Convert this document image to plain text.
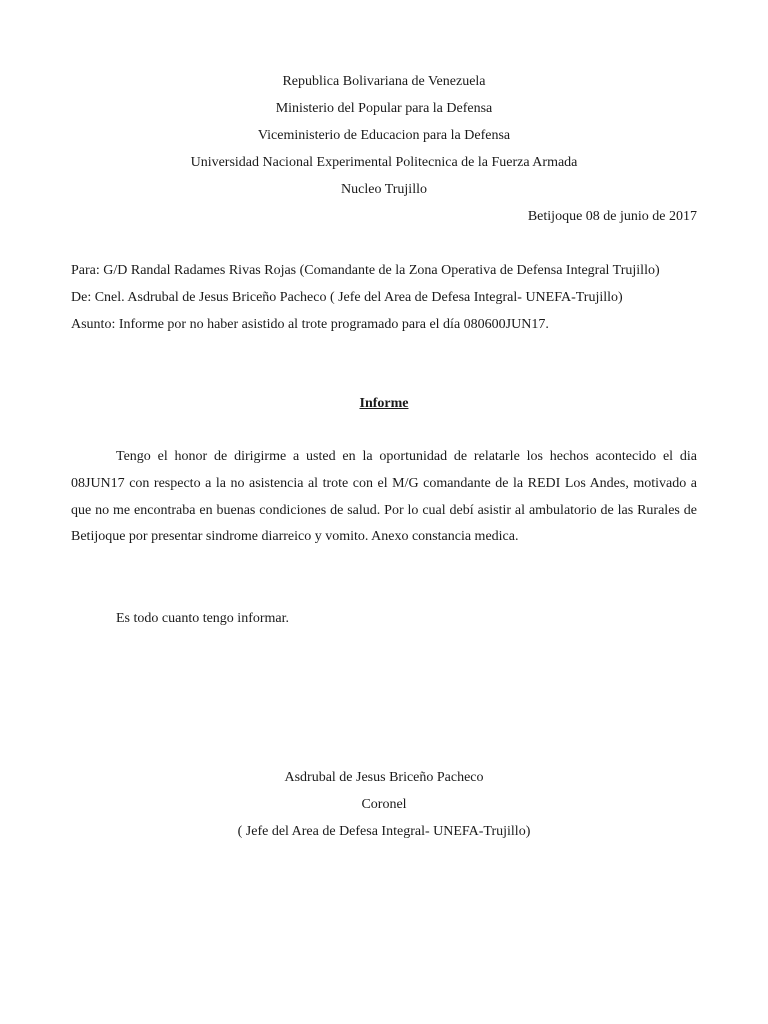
Republica Bolivariana de Venezuela
Ministerio del Popular para la Defensa
Viceministerio de Educacion para la Defensa
Universidad Nacional Experimental Politecnica de la Fuerza Armada
Nucleo Trujillo
Betijoque 08 de junio de 2017
Para: G/D Randal Radames Rivas Rojas (Comandante de la Zona Operativa de Defensa Integral Trujillo)
De: Cnel. Asdrubal de Jesus Briceño Pacheco ( Jefe del Area de Defesa Integral- UNEFA-Trujillo)
Asunto: Informe por no haber asistido al trote programado para el día 080600JUN17.
Informe
Tengo el honor de dirigirme a usted en la oportunidad de relatarle los hechos acontecido el dia 08JUN17 con respecto a la no asistencia al trote con el M/G comandante de la REDI Los Andes, motivado a que no me encontraba en buenas condiciones de salud. Por lo cual debí asistir al ambulatorio de las Rurales de Betijoque por presentar sindrome diarreico y vomito. Anexo constancia medica.
Es todo cuanto tengo informar.
Asdrubal de Jesus Briceño Pacheco
Coronel
( Jefe del Area de Defesa Integral- UNEFA-Trujillo)
